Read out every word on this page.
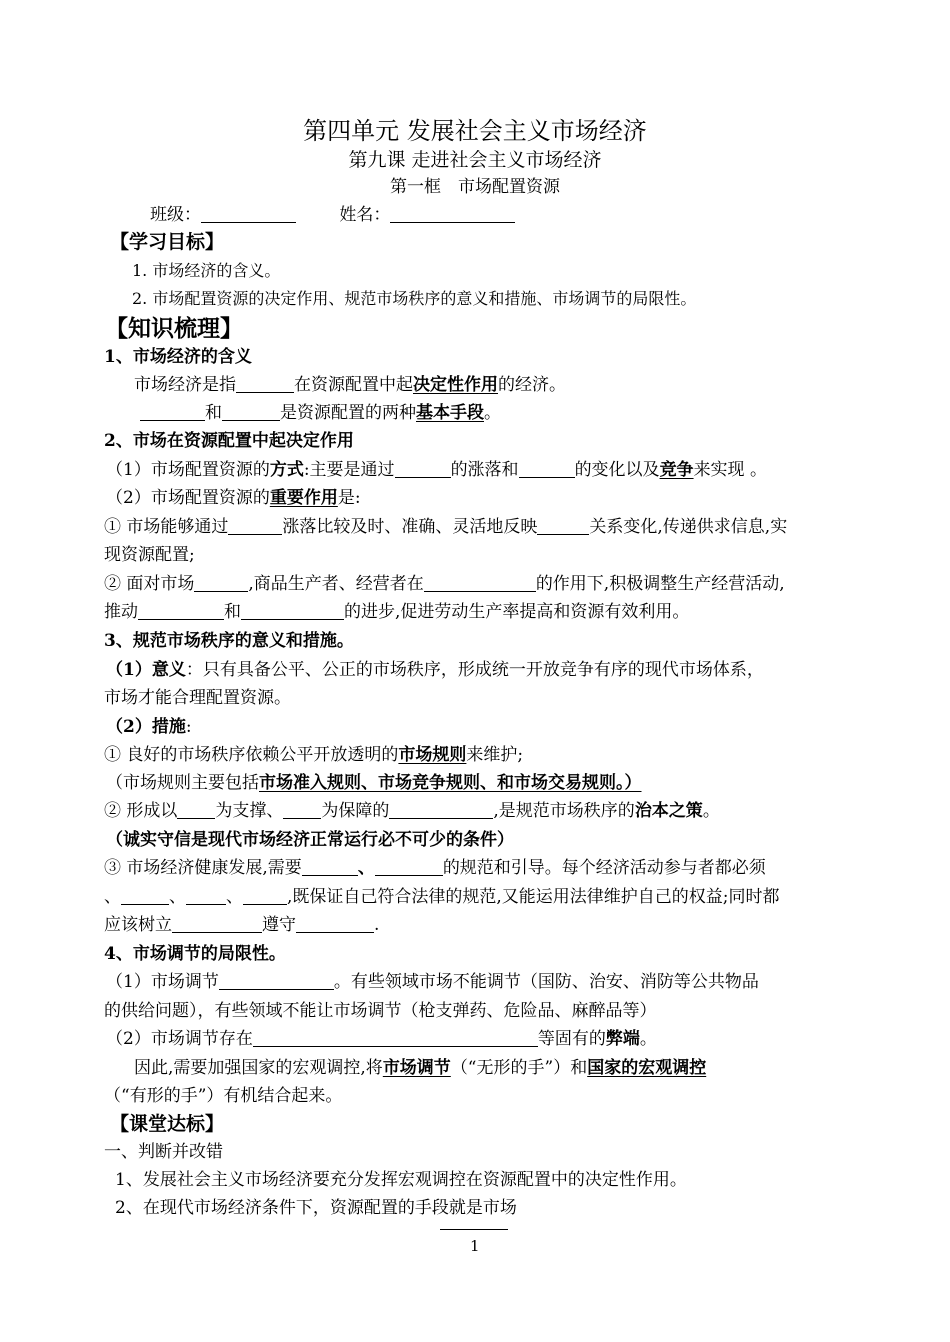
第四单元 发展社会主义市场经济
第九课 走进社会主义市场经济
第一框　市场配置资源
班级：	姓名：
【学习目标】
1. 市场经济的含义。
2. 市场配置资源的决定作用、规范市场秩序的意义和措施、市场调节的局限性。
【知识梳理】
1、市场经济的含义
市场经济是指	在资源配置中起决定性作用的经济。
和	是资源配置的两种基本手段。
2、市场在资源配置中起决定作用
（1）市场配置资源的方式:主要是通过	的涨落和	的变化以及竞争来实现 。
（2）市场配置资源的重要作用是:
① 市场能够通过	涨落比较及时、准确、灵活地反映	关系变化,传递供求信息,实
现资源配置;
② 面对市场	,商品生产者、经营者在	的作用下,积极调整生产经营活动,
推动	和	的进步,促进劳动生产率提高和资源有效利用。
3、规范市场秩序的意义和措施。
（1）意义：只有具备公平、公正的市场秩序，形成统一开放竞争有序的现代市场体系，
市场才能合理配置资源。
（2）措施:
① 良好的市场秩序依赖公平开放透明的市场规则来维护;
（市场规则主要包括市场准入规则、市场竞争规则、和市场交易规则。）
② 形成以 为支撑、 为保障的	,是规范市场秩序的治本之策。
（诚实守信是现代市场经济正常运行必不可少的条件）
③ 市场经济健康发展,需要	、	的规范和引导。每个经济活动参与者都必须
、	、 、	,既保证自己符合法律的规范,又能运用法律维护自己的权益;同时都
应该树立	遵守	.
4、市场调节的局限性。
（1）市场调节	。有些领域市场不能调节（国防、治安、消防等公共物品
的供给问题），有些领域不能让市场调节（枪支弹药、危险品、麻醉品等）
（2）市场调节存在	等固有的弊端。
因此,需要加强国家的宏观调控,将市场调节（“无形的手”）和国家的宏观调控
（“有形的手”）有机结合起来。
【课堂达标】
一、判断并改错
1、发展社会主义市场经济要充分发挥宏观调控在资源配置中的决定性作用。
2、在现代市场经济条件下，资源配置的手段就是市场
1
